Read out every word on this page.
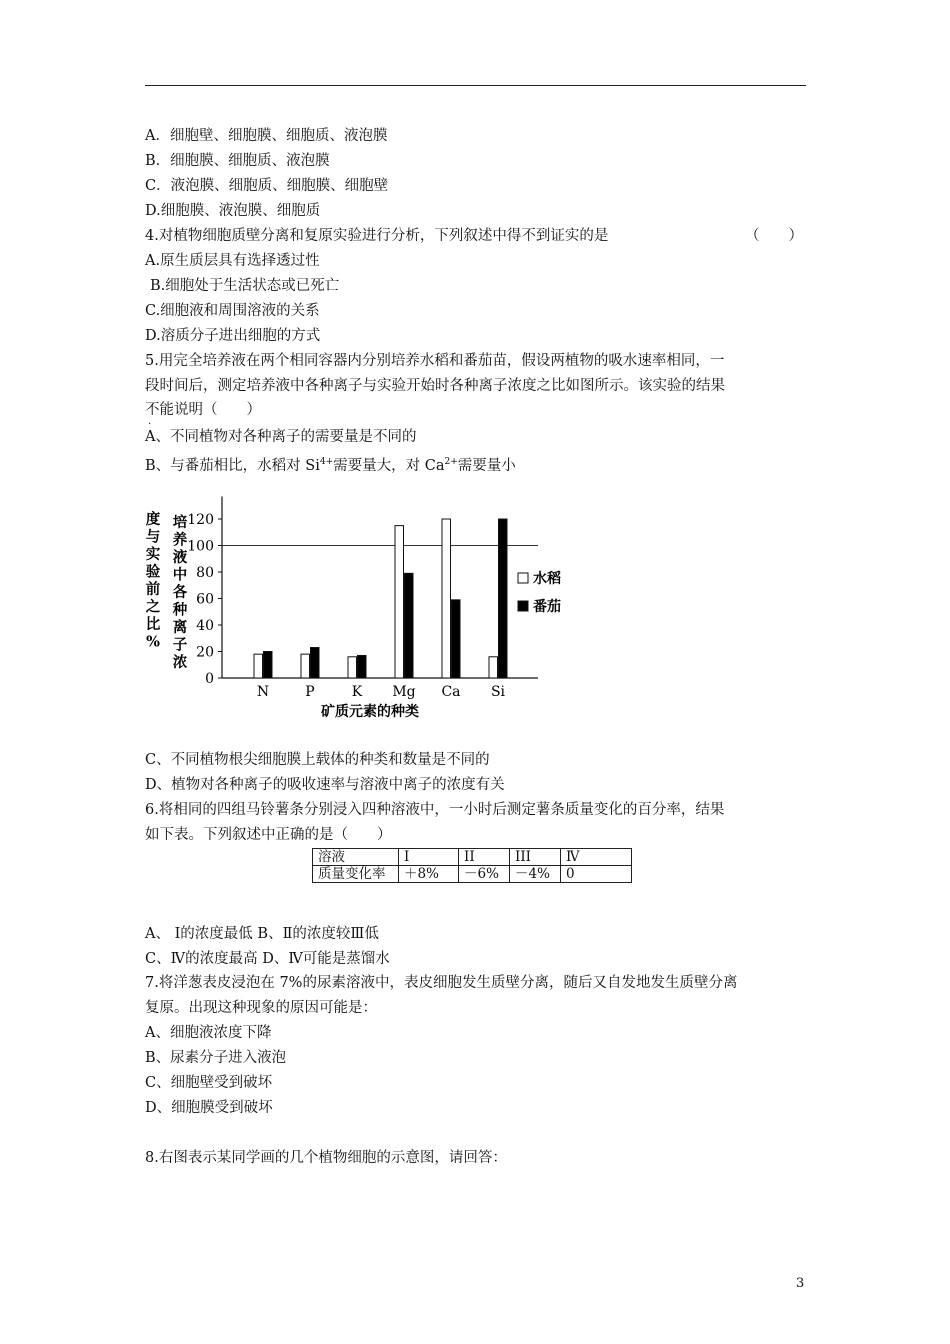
A．细胞壁、细胞膜、细胞质、液泡膜
B．细胞膜、细胞质、液泡膜
C．液泡膜、细胞质、细胞膜、细胞壁
D.细胞膜、液泡膜、细胞质
4.对植物细胞质壁分离和复原实验进行分析，下列叙述中得不到证实的是	（　　）
A.原生质层具有选择透过性
B.细胞处于生活状态或已死亡
C.细胞液和周围溶液的关系
D.溶质分子进出细胞的方式
5.用完全培养液在两个相同容器内分别培养水稻和番茄苗，假设两植物的吸水速率相同，一
段时间后，测定培养液中各种离子与实验开始时各种离子浓度之比如图所示。该实验的结果
不能说明（　　）
·
A、不同植物对各种离子的需要量是不同的
B、与番茄相比，水稻对 $Si^{4+}$需要量大，对 $Ca^{2+}$需要量小
0
20
40
60
80
100
120
N	P	K Mg Ca Si
矿质元素的种类
培养液中各种离子浓
度与实验前之比%
水稻
番茄
C、不同植物根尖细胞膜上载体的种类和数量是不同的
D、植物对各种离子的吸收速率与溶液中离子的浓度有关
6.将相同的四组马铃薯条分别浸入四种溶液中，一小时后测定薯条质量变化的百分率，结果
如下表。下列叙述中正确的是（　　）
溶液	I	II	III	Ⅳ
质量变化率	＋8%	－6%	－4%	0
A、 Ⅰ的浓度最低 B、Ⅱ的浓度较Ⅲ低
C、Ⅳ的浓度最高 D、Ⅳ可能是蒸馏水
7.将洋葱表皮浸泡在 7%的尿素溶液中，表皮细胞发生质壁分离，随后又自发地发生质壁分离
复原。出现这种现象的原因可能是：
A、细胞液浓度下降
B、尿素分子进入液泡
C、细胞壁受到破坏
D、细胞膜受到破坏
8.右图表示某同学画的几个植物细胞的示意图，请回答：
3
